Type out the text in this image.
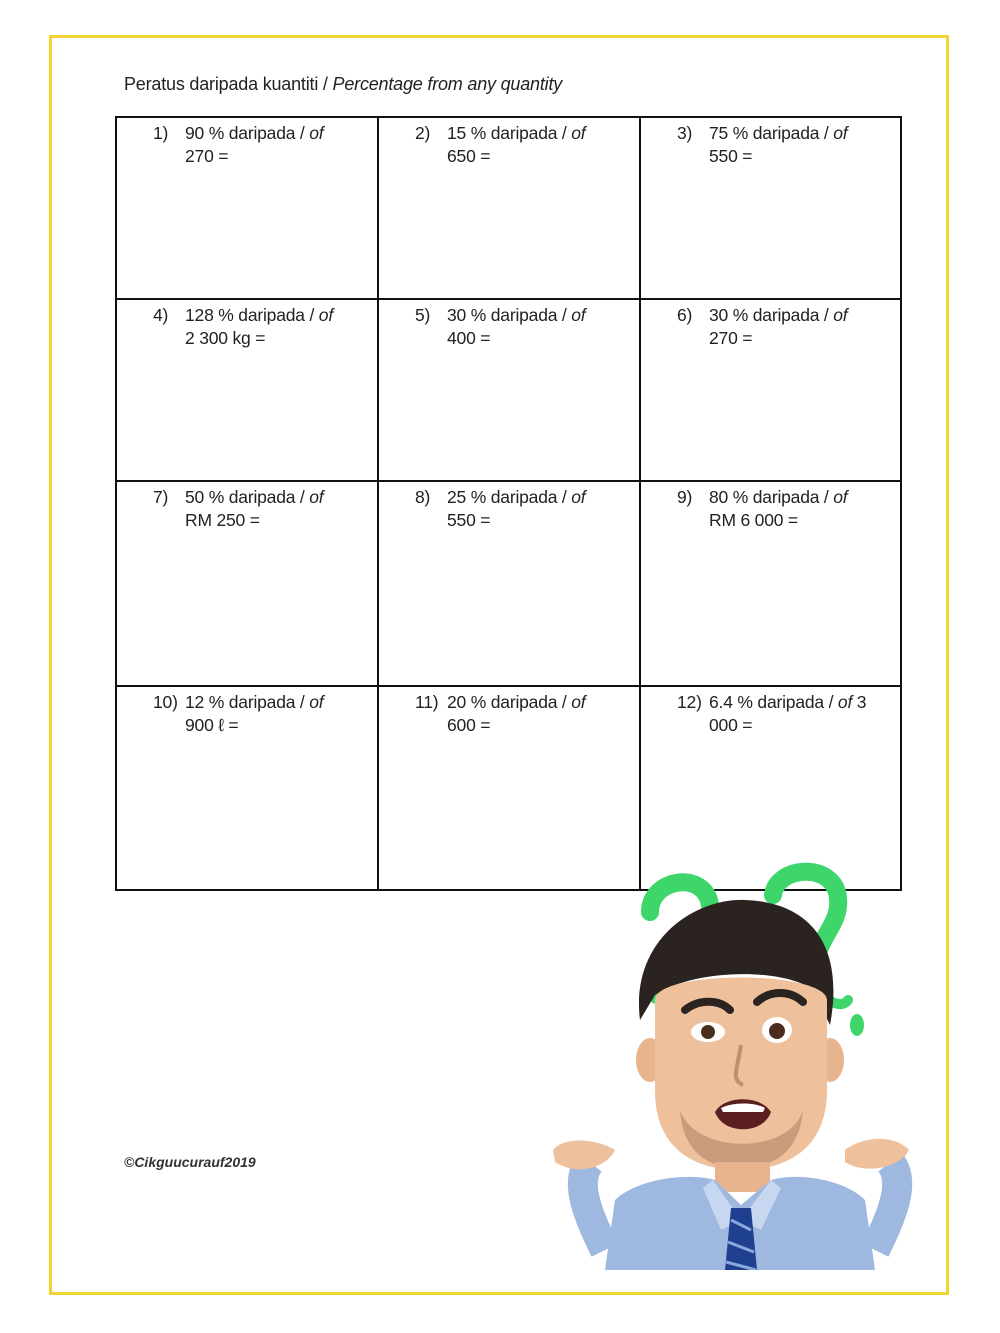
Peratus daripada kuantiti / Percentage from any quantity
1) 90 % daripada / of
270 =
2) 15 % daripada / of
650 =
3) 75 % daripada / of
550 =
4) 128 % daripada / of
2 300 kg =
5) 30 % daripada / of
400 =
6) 30 % daripada / of
270 =
7) 50 % daripada / of
RM 250 =
8) 25 % daripada / of
550 =
9) 80 % daripada / of
RM 6 000 =
10) 12 % daripada / of
900 ℓ =
11) 20 % daripada / of
600 =
12) 6.4 % daripada / of 3
000 =
©Cikguucurauf2019
